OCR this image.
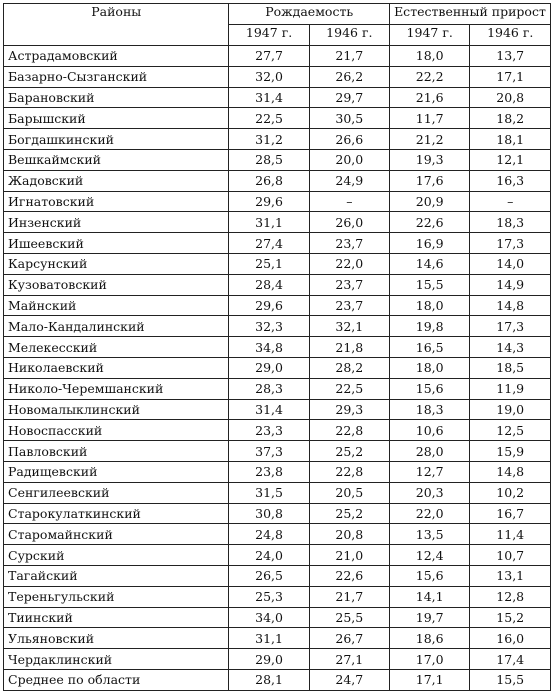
Районы	Рождаемость		Естественный прирост	
	1947 г.	1946 г.	1947 г.	1946 г.
Астрадамовский	27,7	21,7	18,0	13,7
Базарно-Сызганский	32,0	26,2	22,2	17,1
Барановский	31,4	29,7	21,6	20,8
Барышский	22,5	30,5	11,7	18,2
Богдашкинский	31,2	26,6	21,2	18,1
Вешкаймский	28,5	20,0	19,3	12,1
Жадовский	26,8	24,9	17,6	16,3
Игнатовский	29,6	–	20,9	–
Инзенский	31,1	26,0	22,6	18,3
Ишеевский	27,4	23,7	16,9	17,3
Карсунский	25,1	22,0	14,6	14,0
Кузоватовский	28,4	23,7	15,5	14,9
Майнский	29,6	23,7	18,0	14,8
Мало-Кандалинский	32,3	32,1	19,8	17,3
Мелекесский	34,8	21,8	16,5	14,3
Николаевский	29,0	28,2	18,0	18,5
Николо-Черемшанский	28,3	22,5	15,6	11,9
Новомалыклинский	31,4	29,3	18,3	19,0
Новоспасский	23,3	22,8	10,6	12,5
Павловский	37,3	25,2	28,0	15,9
Радищевский	23,8	22,8	12,7	14,8
Сенгилеевский	31,5	20,5	20,3	10,2
Старокулаткинский	30,8	25,2	22,0	16,7
Старомайнский	24,8	20,8	13,5	11,4
Сурский	24,0	21,0	12,4	10,7
Тагайский	26,5	22,6	15,6	13,1
Тереньгульский	25,3	21,7	14,1	12,8
Тиинский	34,0	25,5	19,7	15,2
Ульяновский	31,1	26,7	18,6	16,0
Чердаклинский	29,0	27,1	17,0	17,4
Среднее по области	28,1	24,7	17,1	15,5
